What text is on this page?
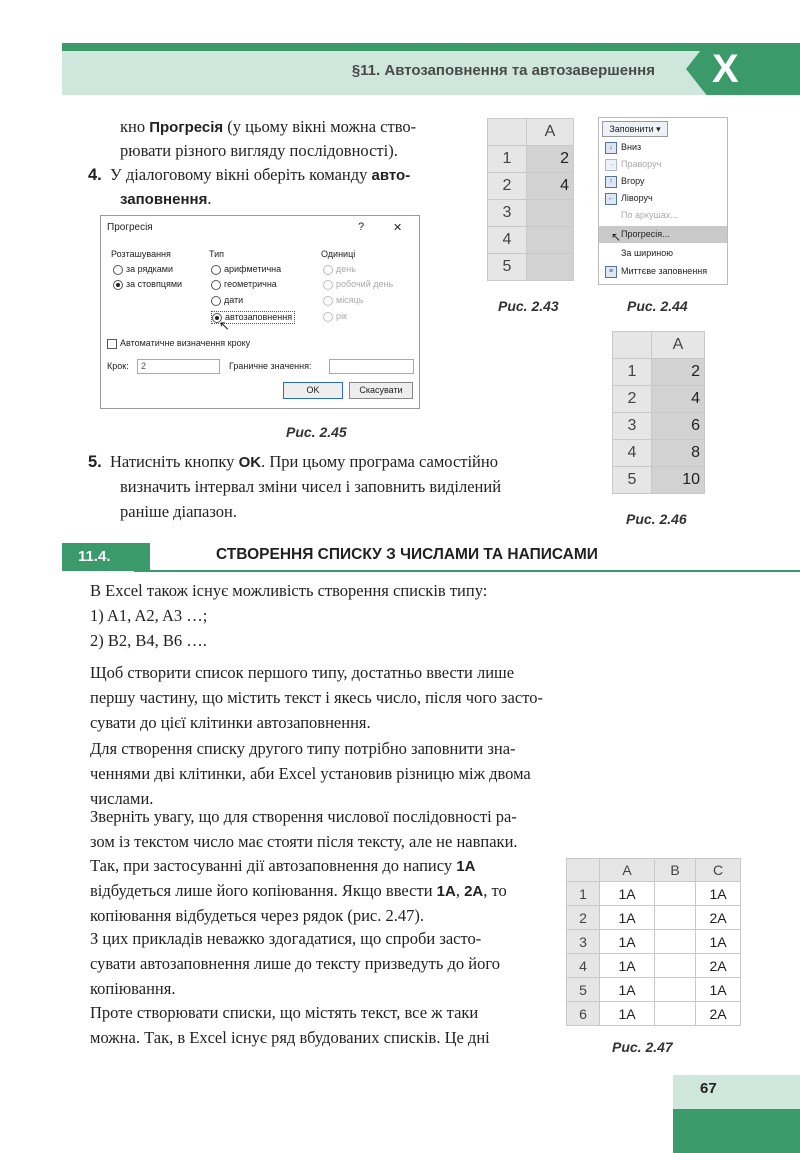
§11. Автозаповнення та автозавершення X
кно Прогресія (у цьому вікні можна ство-
рювати різного вигляду послідовності).
4. У діалоговому вікні оберіть команду авто-
заповнення.
	A
1	2
2	4
3	
4	
5	
Рис. 2.43
Заповнити ▾
↓ Вниз
→ Праворуч
↑ Вгору
← Ліворуч
По аркушах...
Прогресія...
↖
За шириною
≡ Миттєве заповнення
Рис. 2.44
Прогресія	?	✕
Розташування
за рядками
за стовпцями
Тип
арифметична
геометрична
дати
автозаповнення
↖
Одиниці
день
робочий день
місяць
рік
Автоматичне визначення кроку
Крок:	2	Граничне значення:
OK	Скасувати
Рис. 2.45
	A
1	2
2	4
3	6
4	8
5	10
Рис. 2.46
5. Натисніть кнопку OK. При цьому програма самостійно
визначить інтервал зміни чисел і заповнить виділений
раніше діапазон.
11.4.	СТВОРЕННЯ СПИСКУ З ЧИСЛАМИ ТА НАПИСАМИ
В Excel також існує можливість створення списків типу:
1) A1, A2, A3 …;
2) B2, B4, B6 ….
Щоб створити список першого типу, достатньо ввести лише
першу частину, що містить текст і якесь число, після чого засто-
сувати до цієї клітинки автозаповнення.
Для створення списку другого типу потрібно заповнити зна-
ченнями дві клітинки, аби Excel установив різницю між двома
числами.
Зверніть увагу, що для створення числової послідовності ра-
зом із текстом число має стояти після тексту, але не навпаки.
Так, при застосуванні дії автозаповнення до напису 1А
відбудеться лише його копіювання. Якщо ввести 1А, 2А, то
копіювання відбудеться через рядок (рис. 2.47).
З цих прикладів неважко здогадатися, що спроби засто-
сувати автозаповнення лише до тексту призведуть до його
копіювання.
Проте створювати списки, що містять текст, все ж таки
можна. Так, в Excel існує ряд вбудованих списків. Це дні
	A	B	C
1	1A		1A
2	1A		2A
3	1A		1A
4	1A		2A
5	1A		1A
6	1A		2A
Рис. 2.47
67
